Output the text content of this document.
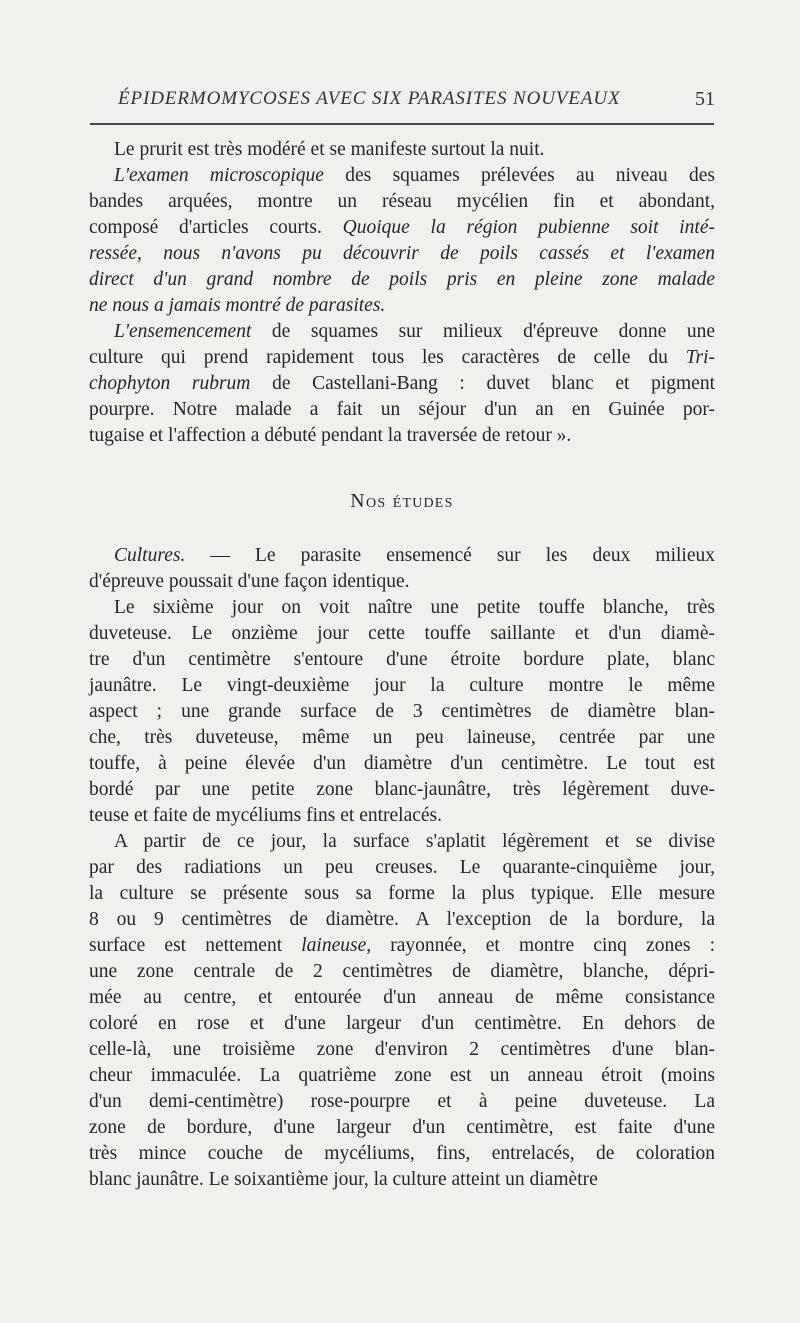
ÉPIDERMOMYCOSES AVEC SIX PARASITES NOUVEAUX	51
Le prurit est très modéré et se manifeste surtout la nuit.
L'examen microscopique des squames prélevées au niveau des
bandes arquées, montre un réseau mycélien fin et abondant,
composé d'articles courts. Quoique la région pubienne soit inté-
ressée, nous n'avons pu découvrir de poils cassés et l'examen
direct d'un grand nombre de poils pris en pleine zone malade
ne nous a jamais montré de parasites.
L'ensemencement de squames sur milieux d'épreuve donne une
culture qui prend rapidement tous les caractères de celle du Tri-
chophyton rubrum de Castellani-Bang : duvet blanc et pigment
pourpre. Notre malade a fait un séjour d'un an en Guinée por-
tugaise et l'affection a débuté pendant la traversée de retour ».
NOS ÉTUDES
Cultures. — Le parasite ensemencé sur les deux milieux
d'épreuve poussait d'une façon identique.
Le sixième jour on voit naître une petite touffe blanche, très
duveteuse. Le onzième jour cette touffe saillante et d'un diamè-
tre d'un centimètre s'entoure d'une étroite bordure plate, blanc
jaunâtre. Le vingt-deuxième jour la culture montre le même
aspect ; une grande surface de 3 centimètres de diamètre blan-
che, très duveteuse, même un peu laineuse, centrée par une
touffe, à peine élevée d'un diamètre d'un centimètre. Le tout est
bordé par une petite zone blanc-jaunâtre, très légèrement duve-
teuse et faite de mycéliums fins et entrelacés.
A partir de ce jour, la surface s'aplatit légèrement et se divise
par des radiations un peu creuses. Le quarante-cinquième jour,
la culture se présente sous sa forme la plus typique. Elle mesure
8 ou 9 centimètres de diamètre. A l'exception de la bordure, la
surface est nettement laineuse, rayonnée, et montre cinq zones :
une zone centrale de 2 centimètres de diamètre, blanche, dépri-
mée au centre, et entourée d'un anneau de même consistance
coloré en rose et d'une largeur d'un centimètre. En dehors de
celle-là, une troisième zone d'environ 2 centimètres d'une blan-
cheur immaculée. La quatrième zone est un anneau étroit (moins
d'un demi-centimètre) rose-pourpre et à peine duveteuse. La
zone de bordure, d'une largeur d'un centimètre, est faite d'une
très mince couche de mycéliums, fins, entrelacés, de coloration
blanc jaunâtre. Le soixantième jour, la culture atteint un diamètre
